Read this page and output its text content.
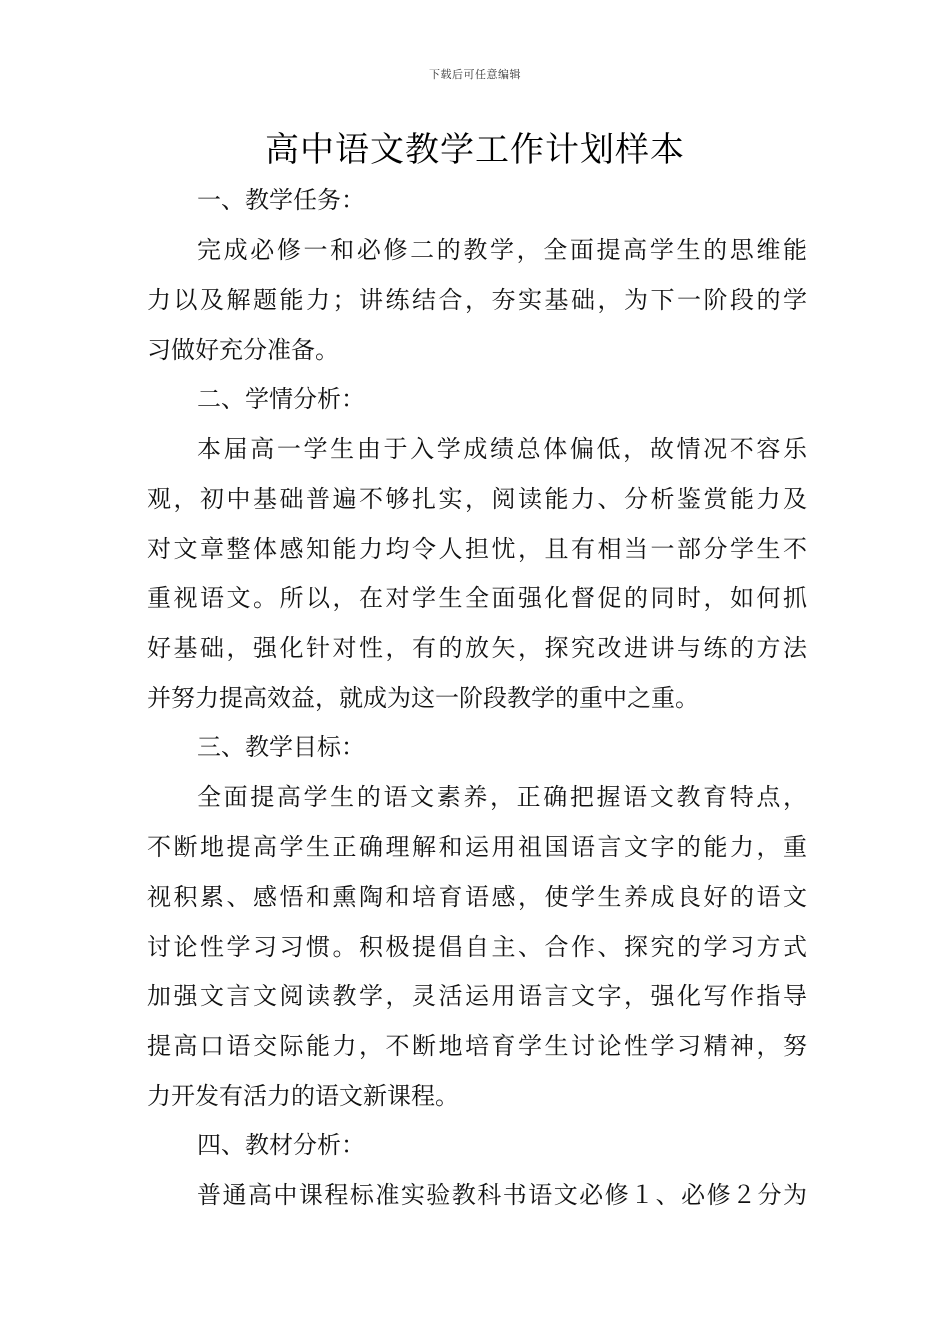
下载后可任意编辑
高中语文教学工作计划样本
一、教学任务：
完成必修一和必修二的教学，全面提高学生的思维能
力以及解题能力；讲练结合，夯实基础，为下一阶段的学
习做好充分准备。
二、学情分析：
本届高一学生由于入学成绩总体偏低，故情况不容乐
观，初中基础普遍不够扎实，阅读能力、分析鉴赏能力及
对文章整体感知能力均令人担忧，且有相当一部分学生不
重视语文。所以，在对学生全面强化督促的同时，如何抓
好基础，强化针对性，有的放矢，探究改进讲与练的方法
并努力提高效益，就成为这一阶段教学的重中之重。
三、教学目标：
全面提高学生的语文素养，正确把握语文教育特点，
不断地提高学生正确理解和运用祖国语言文字的能力，重
视积累、感悟和熏陶和培育语感，使学生养成良好的语文
讨论性学习习惯。积极提倡自主、合作、探究的学习方式
加强文言文阅读教学，灵活运用语言文字，强化写作指导
提高口语交际能力，不断地培育学生讨论性学习精神，努
力开发有活力的语文新课程。
四、教材分析：
普通高中课程标准实验教科书语文必修１、必修２分为
